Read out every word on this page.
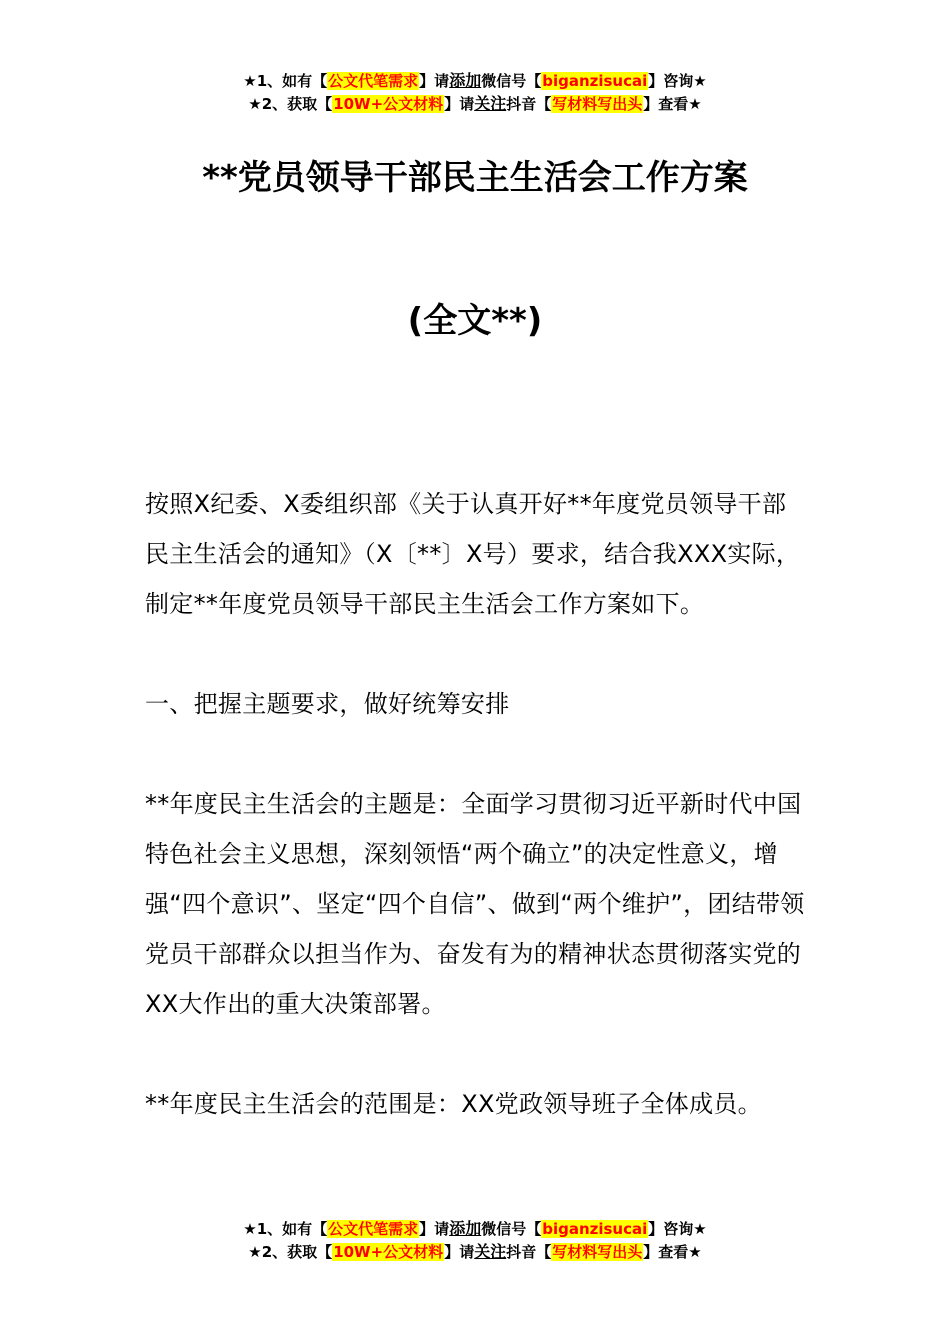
★1、如有【公文代笔需求】请添加微信号【biganzisucai】咨询★
★2、获取【10W+公文材料】请关注抖音【写材料写出头】查看★
**党员领导干部民主生活会工作方案
(全文**)
按照X纪委、X委组织部《关于认真开好**年度党员领导干部民主生活会的通知》（X〔**〕X号）要求，结合我XXX实际，制定**年度党员领导干部民主生活会工作方案如下。
一、把握主题要求，做好统筹安排
**年度民主生活会的主题是：全面学习贯彻习近平新时代中国特色社会主义思想，深刻领悟“两个确立”的决定性意义，增强“四个意识”、坚定“四个自信”、做到“两个维护”，团结带领党员干部群众以担当作为、奋发有为的精神状态贯彻落实党的XX大作出的重大决策部署。
**年度民主生活会的范围是：XX党政领导班子全体成员。
★1、如有【公文代笔需求】请添加微信号【biganzisucai】咨询★
★2、获取【10W+公文材料】请关注抖音【写材料写出头】查看★
